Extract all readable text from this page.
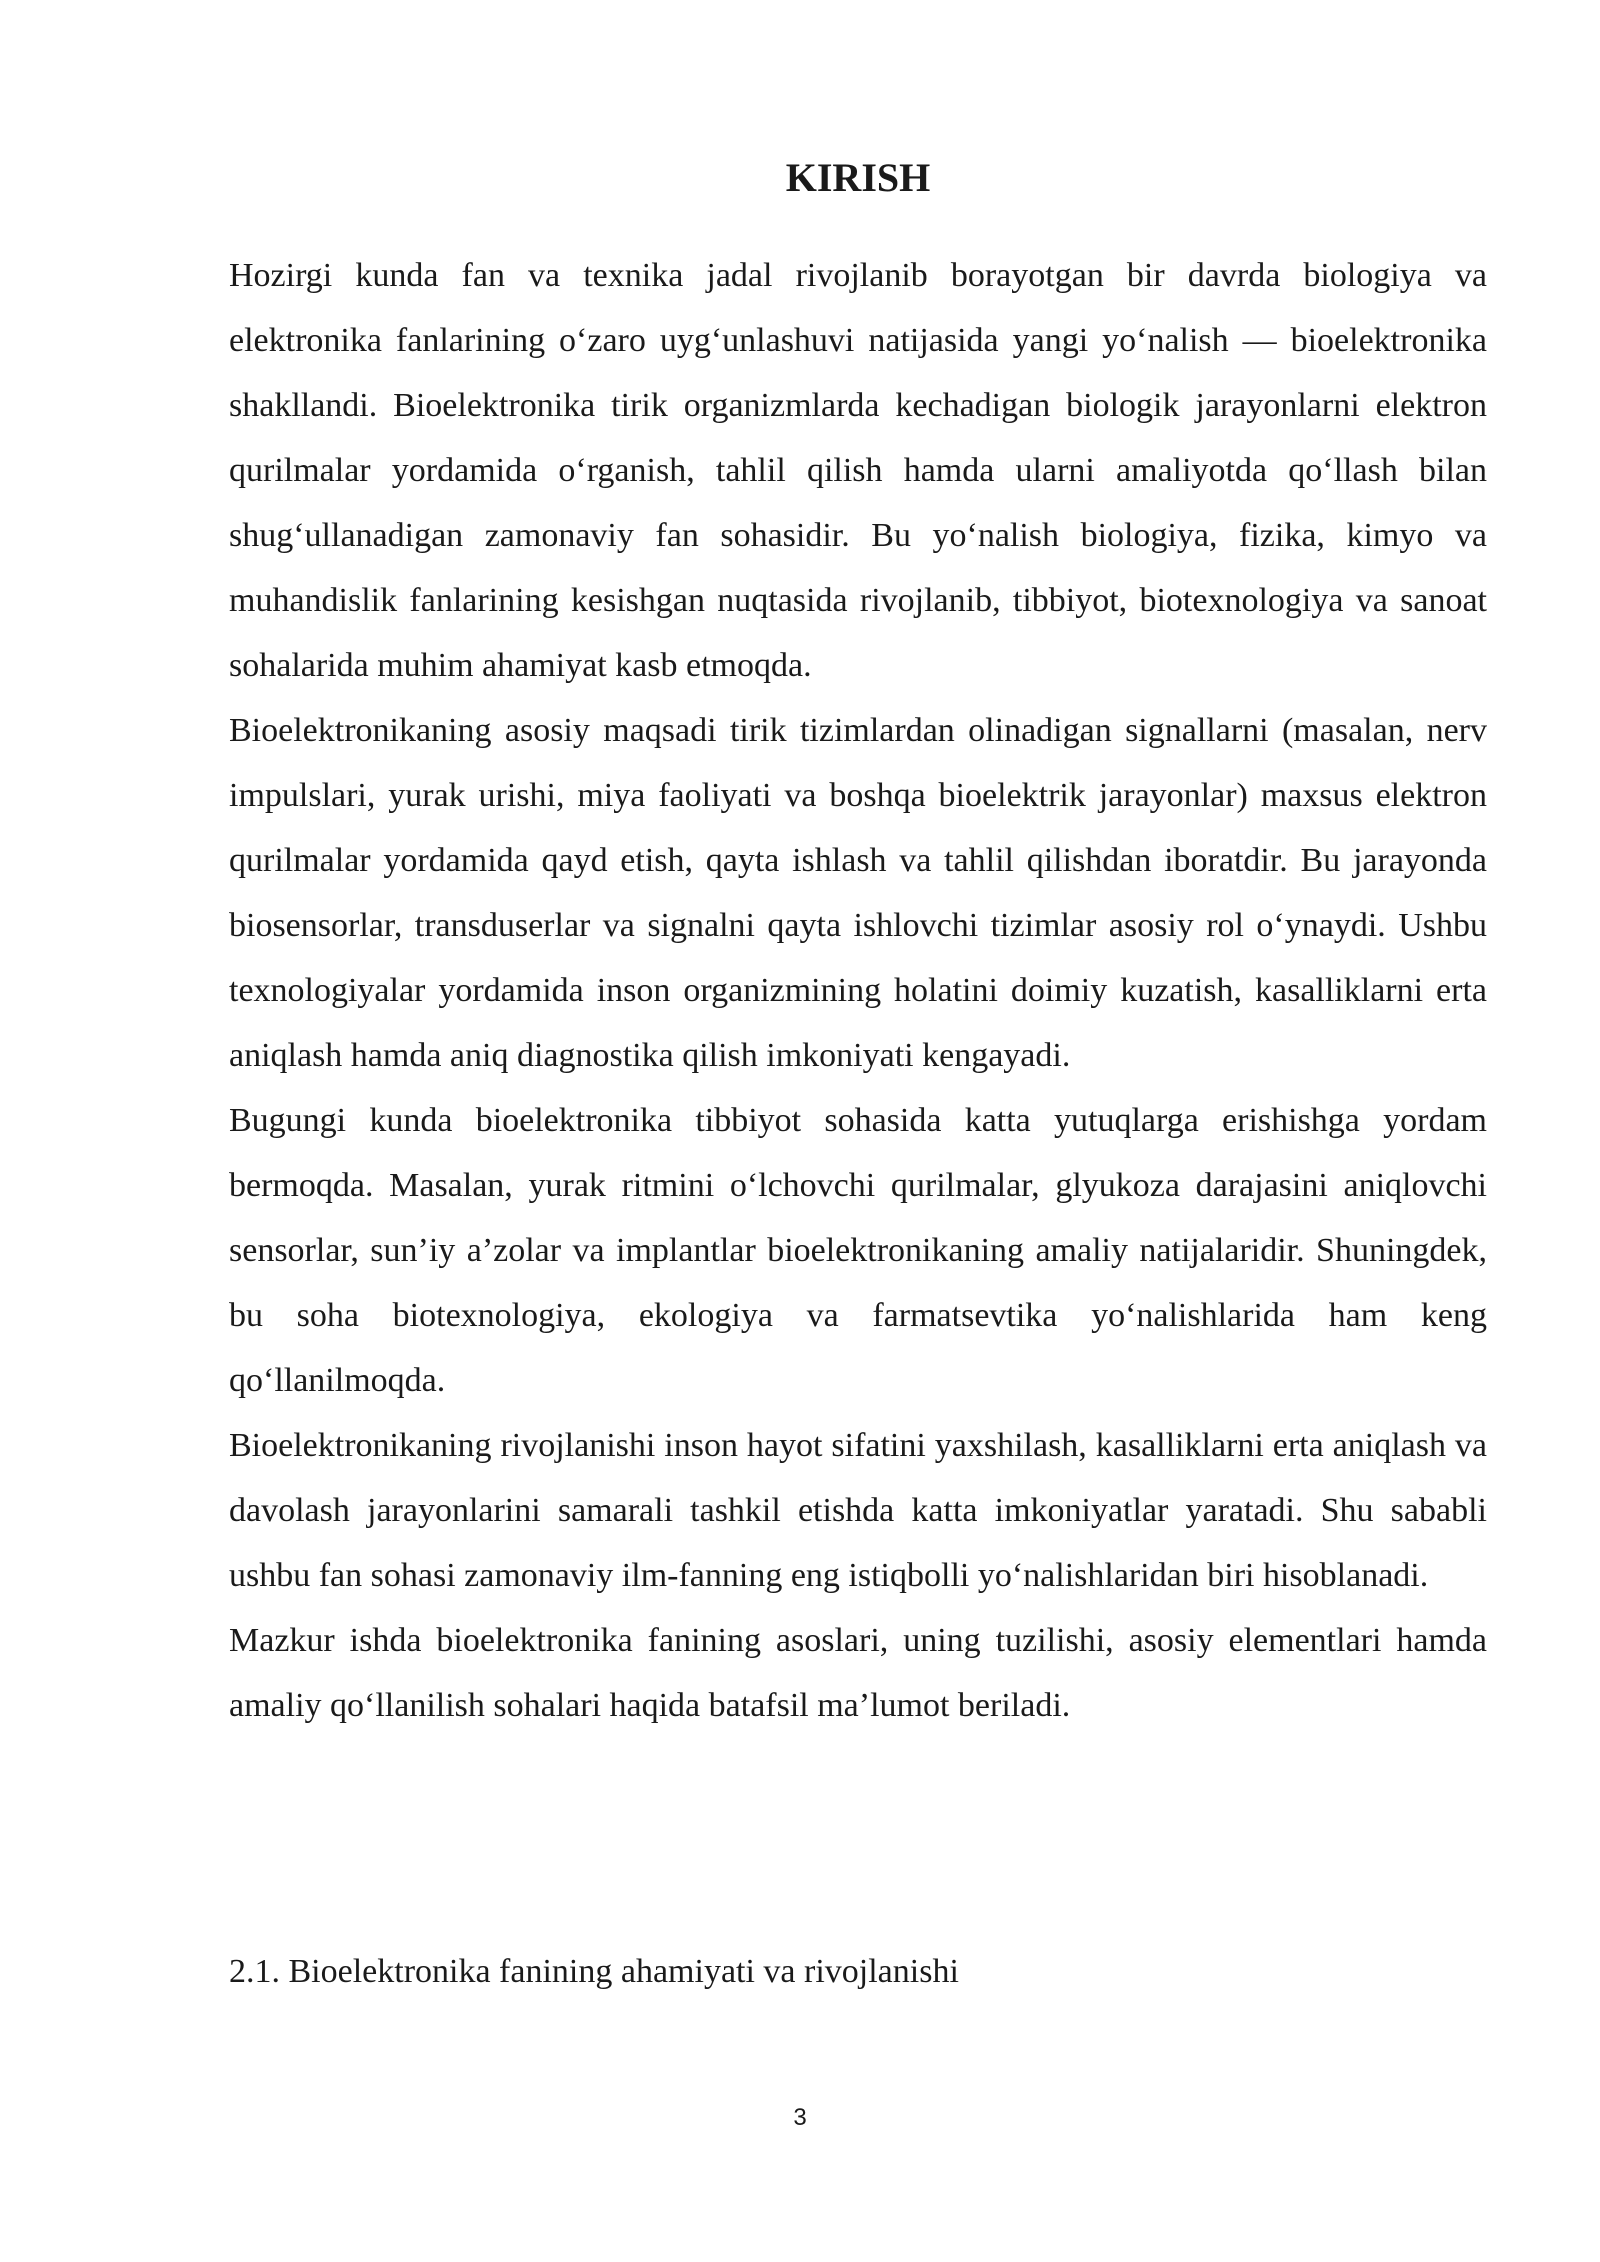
KIRISH

Hozirgi kunda fan va texnika jadal rivojlanib borayotgan bir davrda biologiya va elektronika fanlarining o‘zaro uyg‘unlashuvi natijasida yangi yo‘nalish — bioelektronika shakllandi. Bioelektronika tirik organizmlarda kechadigan biologik jarayonlarni elektron qurilmalar yordamida o‘rganish, tahlil qilish hamda ularni amaliyotda qo‘llash bilan shug‘ullanadigan zamonaviy fan sohasidir. Bu yo‘nalish biologiya, fizika, kimyo va muhandislik fanlarining kesishgan nuqtasida rivojlanib, tibbiyot, biotexnologiya va sanoat sohalarida muhim ahamiyat kasb etmoqda.

Bioelektronikaning asosiy maqsadi tirik tizimlardan olinadigan signallarni (masalan, nerv impulslari, yurak urishi, miya faoliyati va boshqa bioelektrik jarayonlar) maxsus elektron qurilmalar yordamida qayd etish, qayta ishlash va tahlil qilishdan iboratdir. Bu jarayonda biosensorlar, transduserlar va signalni qayta ishlovchi tizimlar asosiy rol o‘ynaydi. Ushbu texnologiyalar yordamida inson organizmining holatini doimiy kuzatish, kasalliklarni erta aniqlash hamda aniq diagnostika qilish imkoniyati kengayadi.

Bugungi kunda bioelektronika tibbiyot sohasida katta yutuqlarga erishishga yordam bermoqda. Masalan, yurak ritmini o‘lchovchi qurilmalar, glyukoza darajasini aniqlovchi sensorlar, sun’iy a’zolar va implantlar bioelektronikaning amaliy natijalaridir. Shuningdek, bu soha biotexnologiya, ekologiya va farmatsevtika yo‘nalishlarida ham keng qo‘llanilmoqda.

Bioelektronikaning rivojlanishi inson hayot sifatini yaxshilash, kasalliklarni erta aniqlash va davolash jarayonlarini samarali tashkil etishda katta imkoniyatlar yaratadi. Shu sababli ushbu fan sohasi zamonaviy ilm-fanning eng istiqbolli yo‘nalishlaridan biri hisoblanadi.

Mazkur ishda bioelektronika fanining asoslari, uning tuzilishi, asosiy elementlari hamda amaliy qo‘llanilish sohalari haqida batafsil ma’lumot beriladi.

2.1. Bioelektronika fanining ahamiyati va rivojlanishi
3
